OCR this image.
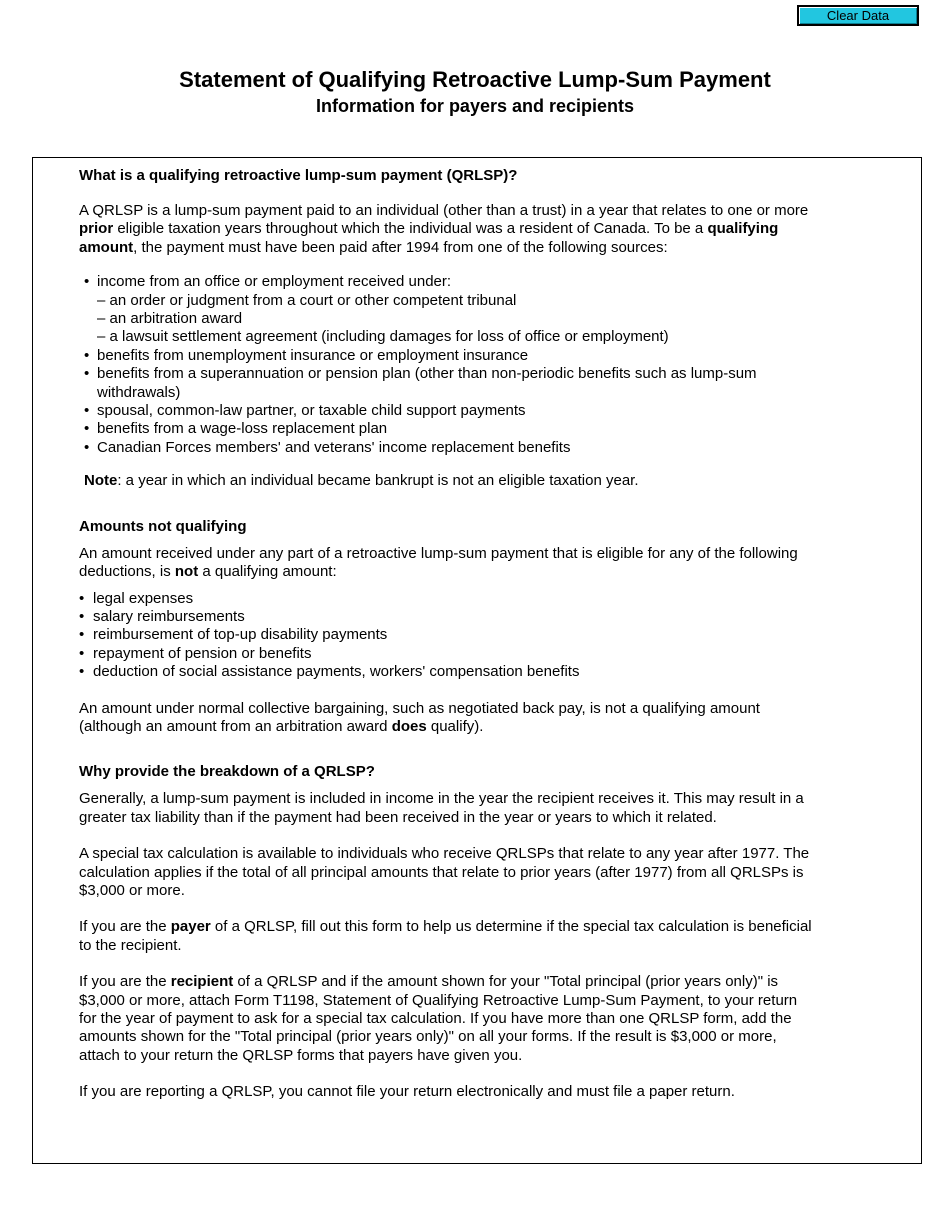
Clear Data
Statement of Qualifying Retroactive Lump-Sum Payment
Information for payers and recipients
What is a qualifying retroactive lump-sum payment (QRLSP)?

A QRLSP is a lump-sum payment paid to an individual (other than a trust) in a year that relates to one or more prior eligible taxation years throughout which the individual was a resident of Canada. To be a qualifying amount, the payment must have been paid after 1994 from one of the following sources:

• income from an office or employment received under:
– an order or judgment from a court or other competent tribunal
– an arbitration award
– a lawsuit settlement agreement (including damages for loss of office or employment)
• benefits from unemployment insurance or employment insurance
• benefits from a superannuation or pension plan (other than non-periodic benefits such as lump-sum withdrawals)
• spousal, common-law partner, or taxable child support payments
• benefits from a wage-loss replacement plan
• Canadian Forces members' and veterans' income replacement benefits

Note: a year in which an individual became bankrupt is not an eligible taxation year.

Amounts not qualifying

An amount received under any part of a retroactive lump-sum payment that is eligible for any of the following deductions, is not a qualifying amount:

• legal expenses
• salary reimbursements
• reimbursement of top-up disability payments
• repayment of pension or benefits
• deduction of social assistance payments, workers' compensation benefits

An amount under normal collective bargaining, such as negotiated back pay, is not a qualifying amount (although an amount from an arbitration award does qualify).

Why provide the breakdown of a QRLSP?

Generally, a lump-sum payment is included in income in the year the recipient receives it. This may result in a greater tax liability than if the payment had been received in the year or years to which it related.

A special tax calculation is available to individuals who receive QRLSPs that relate to any year after 1977. The calculation applies if the total of all principal amounts that relate to prior years (after 1977) from all QRLSPs is $3,000 or more.

If you are the payer of a QRLSP, fill out this form to help us determine if the special tax calculation is beneficial to the recipient.

If you are the recipient of a QRLSP and if the amount shown for your "Total principal (prior years only)" is $3,000 or more, attach Form T1198, Statement of Qualifying Retroactive Lump-Sum Payment, to your return for the year of payment to ask for a special tax calculation. If you have more than one QRLSP form, add the amounts shown for the "Total principal (prior years only)" on all your forms. If the result is $3,000 or more, attach to your return the QRLSP forms that payers have given you.

If you are reporting a QRLSP, you cannot file your return electronically and must file a paper return.
